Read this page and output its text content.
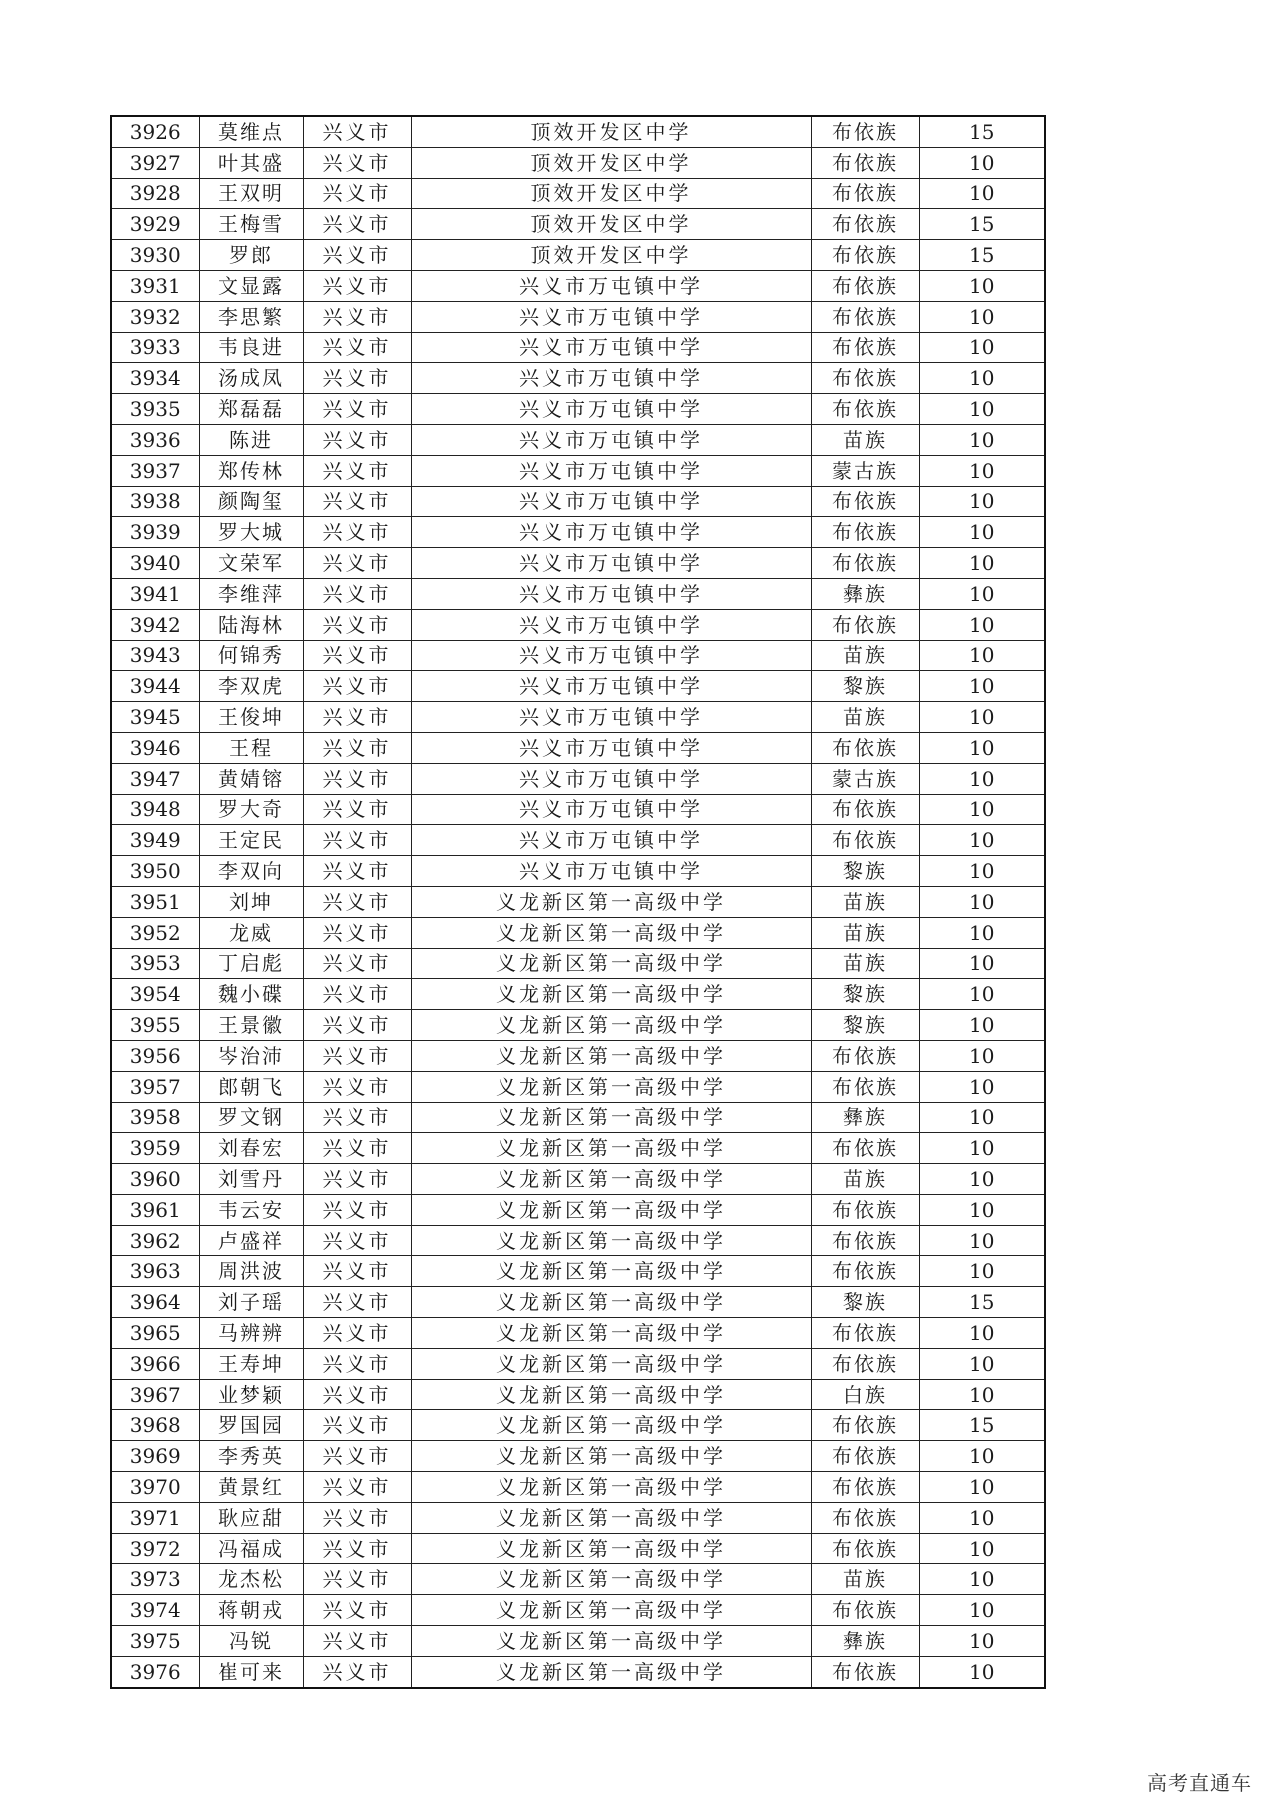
3926	莫维点	兴义市	顶效开发区中学	布依族	15
3927	叶其盛	兴义市	顶效开发区中学	布依族	10
3928	王双明	兴义市	顶效开发区中学	布依族	10
3929	王梅雪	兴义市	顶效开发区中学	布依族	15
3930	罗郎	兴义市	顶效开发区中学	布依族	15
3931	文显露	兴义市	兴义市万屯镇中学	布依族	10
3932	李思繁	兴义市	兴义市万屯镇中学	布依族	10
3933	韦良进	兴义市	兴义市万屯镇中学	布依族	10
3934	汤成凤	兴义市	兴义市万屯镇中学	布依族	10
3935	郑磊磊	兴义市	兴义市万屯镇中学	布依族	10
3936	陈进	兴义市	兴义市万屯镇中学	苗族	10
3937	郑传林	兴义市	兴义市万屯镇中学	蒙古族	10
3938	颜陶玺	兴义市	兴义市万屯镇中学	布依族	10
3939	罗大城	兴义市	兴义市万屯镇中学	布依族	10
3940	文荣军	兴义市	兴义市万屯镇中学	布依族	10
3941	李维萍	兴义市	兴义市万屯镇中学	彝族	10
3942	陆海林	兴义市	兴义市万屯镇中学	布依族	10
3943	何锦秀	兴义市	兴义市万屯镇中学	苗族	10
3944	李双虎	兴义市	兴义市万屯镇中学	黎族	10
3945	王俊坤	兴义市	兴义市万屯镇中学	苗族	10
3946	王程	兴义市	兴义市万屯镇中学	布依族	10
3947	黄婧镕	兴义市	兴义市万屯镇中学	蒙古族	10
3948	罗大奇	兴义市	兴义市万屯镇中学	布依族	10
3949	王定民	兴义市	兴义市万屯镇中学	布依族	10
3950	李双向	兴义市	兴义市万屯镇中学	黎族	10
3951	刘坤	兴义市	义龙新区第一高级中学	苗族	10
3952	龙威	兴义市	义龙新区第一高级中学	苗族	10
3953	丁启彪	兴义市	义龙新区第一高级中学	苗族	10
3954	魏小碟	兴义市	义龙新区第一高级中学	黎族	10
3955	王景徽	兴义市	义龙新区第一高级中学	黎族	10
3956	岑治沛	兴义市	义龙新区第一高级中学	布依族	10
3957	郎朝飞	兴义市	义龙新区第一高级中学	布依族	10
3958	罗文钢	兴义市	义龙新区第一高级中学	彝族	10
3959	刘春宏	兴义市	义龙新区第一高级中学	布依族	10
3960	刘雪丹	兴义市	义龙新区第一高级中学	苗族	10
3961	韦云安	兴义市	义龙新区第一高级中学	布依族	10
3962	卢盛祥	兴义市	义龙新区第一高级中学	布依族	10
3963	周洪波	兴义市	义龙新区第一高级中学	布依族	10
3964	刘子瑶	兴义市	义龙新区第一高级中学	黎族	15
3965	马辨辨	兴义市	义龙新区第一高级中学	布依族	10
3966	王寿坤	兴义市	义龙新区第一高级中学	布依族	10
3967	业梦颖	兴义市	义龙新区第一高级中学	白族	10
3968	罗国园	兴义市	义龙新区第一高级中学	布依族	15
3969	李秀英	兴义市	义龙新区第一高级中学	布依族	10
3970	黄景红	兴义市	义龙新区第一高级中学	布依族	10
3971	耿应甜	兴义市	义龙新区第一高级中学	布依族	10
3972	冯福成	兴义市	义龙新区第一高级中学	布依族	10
3973	龙杰松	兴义市	义龙新区第一高级中学	苗族	10
3974	蒋朝戎	兴义市	义龙新区第一高级中学	布依族	10
3975	冯锐	兴义市	义龙新区第一高级中学	彝族	10
3976	崔可来	兴义市	义龙新区第一高级中学	布依族	10
高考直通车
